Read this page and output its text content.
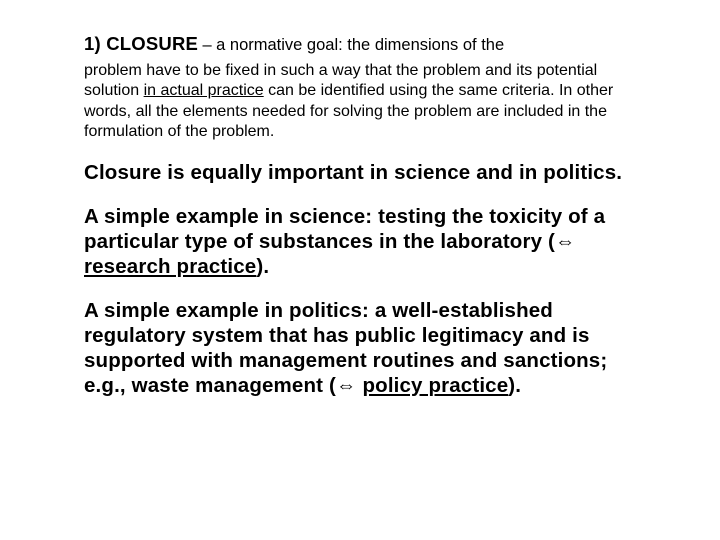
1) CLOSURE – a normative goal: the dimensions of the
problem have to be fixed in such a way that the problem and its potential solution in actual practice can be identified using the same criteria. In other words, all the elements needed for solving the problem are included in the formulation of the problem.

Closure is equally important in science and in politics.

A simple example in science: testing the toxicity of a particular type of substances in the laboratory (⇔ research practice).

A simple example in politics: a well-established regulatory system that has public legitimacy and is supported with management routines and sanctions; e.g., waste management (⇔ policy practice).
